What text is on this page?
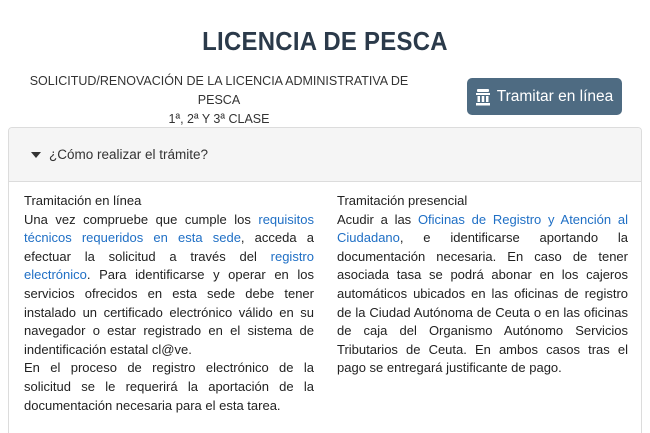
LICENCIA DE PESCA
SOLICITUD/RENOVACIÓN DE LA LICENCIA ADMINISTRATIVA DE PESCA
1ª, 2ª Y 3ª CLASE
Tramitar en línea
¿Cómo realizar el trámite?
Tramitación en línea

Una vez compruebe que cumple los requisitos técnicos requeridos en esta sede, acceda a efectuar la solicitud a través del registro electrónico. Para identificarse y operar en los servicios ofrecidos en esta sede debe tener instalado un certificado electrónico válido en su navegador o estar registrado en el sistema de indentificación estatal cl@ve.

En el proceso de registro electrónico de la solicitud se le requerirá la aportación de la documentación necesaria para el esta tarea.

Tramitación presencial

Acudir a las Oficinas de Registro y Atención al Ciudadano, e identificarse aportando la documentación necesaria. En caso de tener asociada tasa se podrá abonar en los cajeros automáticos ubicados en las oficinas de registro de la Ciudad Autónoma de Ceuta o en las oficinas de caja del Organismo Autónomo Servicios Tributarios de Ceuta. En ambos casos tras el pago se entregará justificante de pago.
